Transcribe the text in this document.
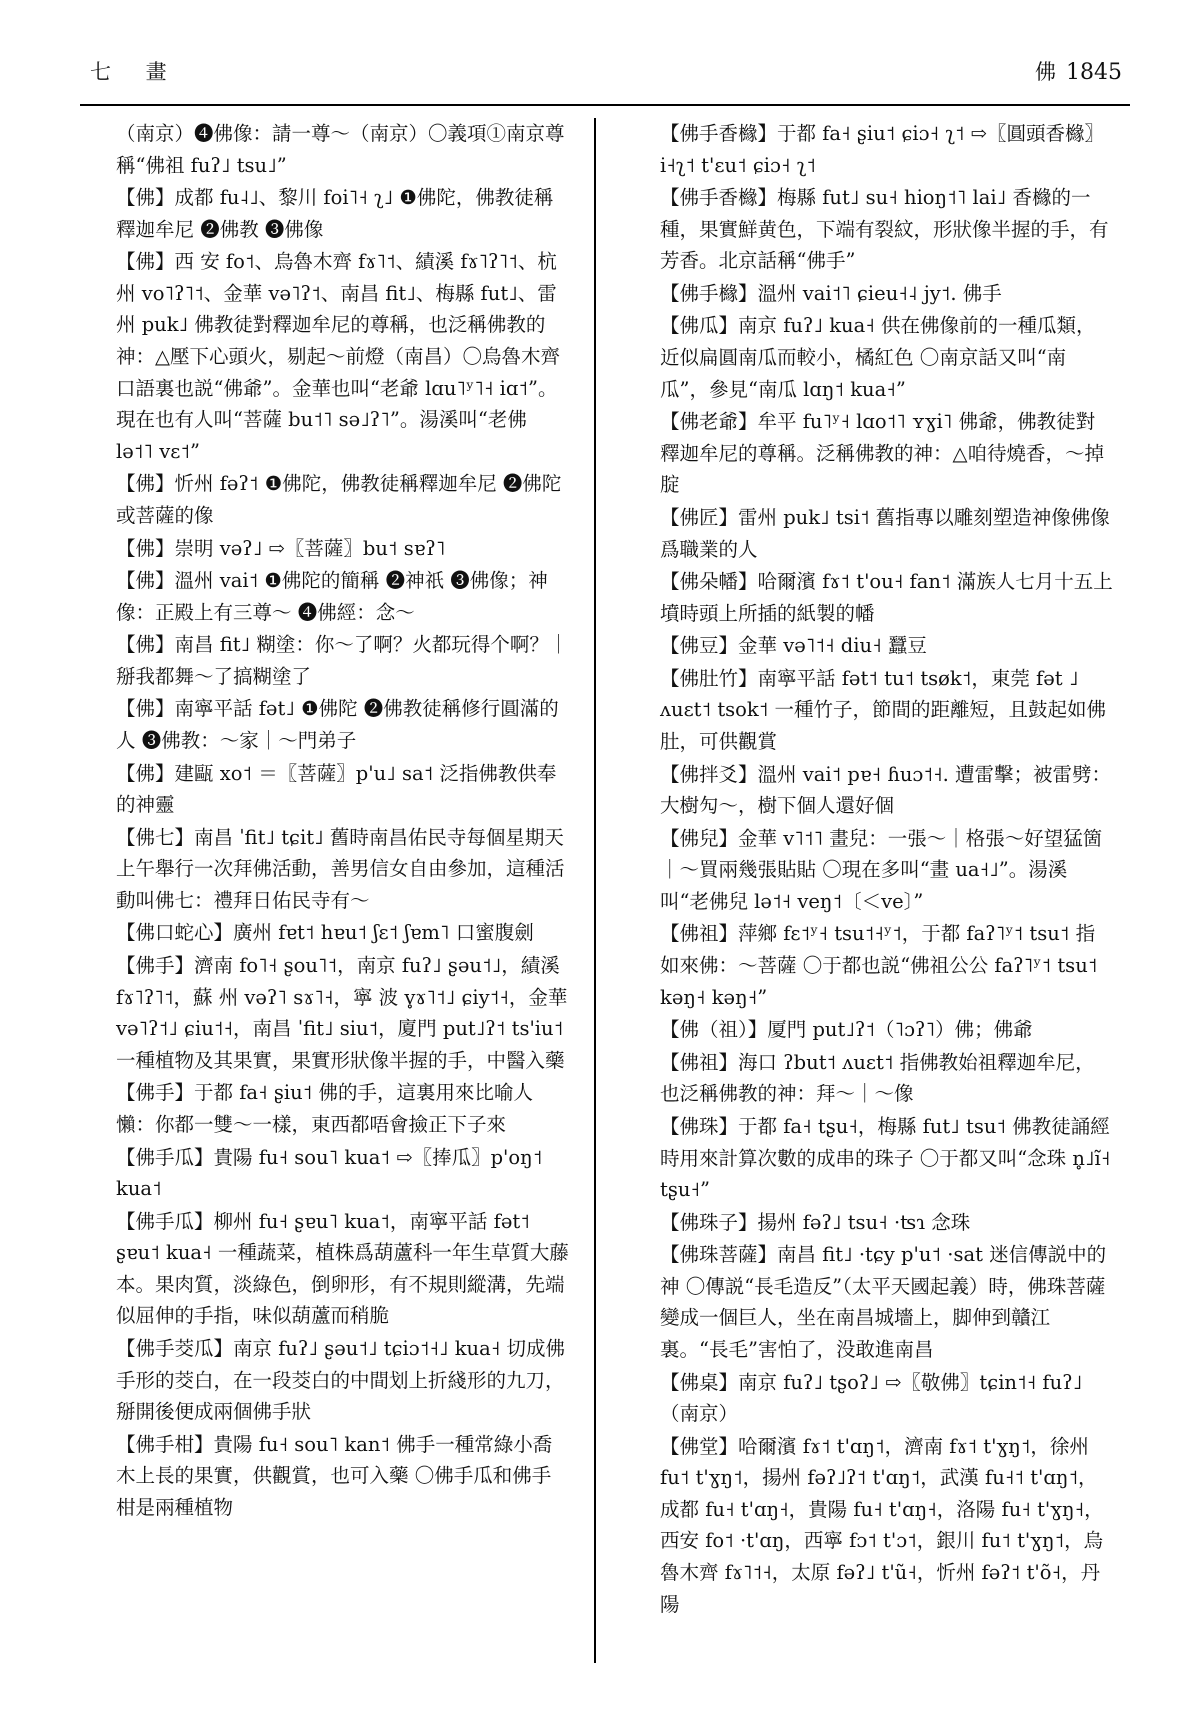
七 畫	佛1845

（南京）❹佛像：請一尊～（南京）〇義項①南京尊稱“佛祖 fuʔ˩ tsu˩”

【佛】成都 fu˨˩、黎川 foi˥˧ ʅ˩ ❶佛陀，佛教徒稱釋迦牟尼 ❷佛教 ❸佛像

【佛】西 安 fo˦、烏魯木齊 fɤ˥˦、績溪 fɤ˥ʔ˥˦、杭州 vo˥ʔ˥˦、金華 və˥ʔ˦、南昌 fit˩、梅縣 fut˩、雷州 puk˩ 佛教徒對釋迦牟尼的尊稱，也泛稱佛教的神：△壓下心頭火，剔起～前燈（南昌）〇烏魯木齊口語裏也説“佛爺”。金華也叫“老爺 lɑu˥ʸ˥˧ iɑ˦”。現在也有人叫“菩薩 bu˦˥ sə˩ʔ˥”。湯溪叫“老佛 lə˦˥ vɛ˦”

【佛】忻州 fəʔ˦ ❶佛陀，佛教徒稱釋迦牟尼 ❷佛陀或菩薩的像

【佛】崇明 vəʔ˩ ⇨〖菩薩〗bu˦ sɐʔ˥

【佛】溫州 vai˦ ❶佛陀的簡稱 ❷神祇 ❸佛像；神像：正殿上有三尊～ ❹佛經：念～

【佛】南昌 fit˩ 糊塗：你～了啊？火都玩得个啊？｜掰我都舞～了搞糊塗了

【佛】南寧平話 fət˩ ❶佛陀 ❷佛教徒稱修行圓滿的人 ❸佛教：～家｜～門弟子

【佛】建甌 xo˦ ＝〖菩薩〗p'u˩ sa˦ 泛指佛教供奉的神靈

【佛七】南昌 ˈfit˩ tɕit˩ 舊時南昌佑民寺每個星期天上午舉行一次拜佛活動，善男信女自由參加，這種活動叫佛七：禮拜日佑民寺有～

【佛口蛇心】廣州 fɐt˦ hɐu˦ ʃɛ˦ ʃɐm˥ 口蜜腹劍

【佛手】濟南 fo˥˧ ʂou˥˦，南京 fuʔ˩ ʂəu˦˩，績溪 fɤ˥ʔ˥˦，蘇 州 vəʔ˥ sɤ˥˧，寧 波 v̥ɤ˥˦˩ ɕiy˦˧，金華 və˥ʔ˦˩ ɕiu˦˧，南昌 ˈfit˩ siu˦，廈門 put˩ʔ˦ ts'iu˦ 一種植物及其果實，果實形狀像半握的手，中醫入藥

【佛手】于都 fa˧ ʂiu˦ 佛的手，這裏用來比喻人懶：你都一雙～一樣，東西都唔會撿正下子來

【佛手瓜】貴陽 fu˧ sou˥ kua˦ ⇨〖捧瓜〗p'oŋ˦ kua˦

【佛手瓜】柳州 fu˧ ʂɐu˥ kua˦，南寧平話 fət˦ ʂɐu˦ kua˧ 一種蔬菜，植株爲葫蘆科一年生草質大藤本。果肉質，淡綠色，倒卵形，有不規則縱溝，先端似屈伸的手指，味似葫蘆而稍脆

【佛手茭瓜】南京 fuʔ˩ ʂəu˦˩ tɕiɔ˦˧˩ kua˧ 切成佛手形的茭白，在一段茭白的中間划上折綫形的九刀，掰開後便成兩個佛手狀

【佛手柑】貴陽 fu˧ sou˥ kan˦ 佛手一種常綠小喬木上長的果實，供觀賞，也可入藥 〇佛手瓜和佛手柑是兩種植物

【佛手香櫞】于都 fa˧ ʂiu˦ ɕiɔ˧ ʅ˦ ⇨〖圓頭香櫞〗i˧ʅ˦ t'ɛu˦ ɕiɔ˧ ʅ˦

【佛手香櫞】梅縣 fut˩ su˧ hioŋ˦˥ lai˩ 香櫞的一種，果實鮮黄色，下端有裂紋，形狀像半握的手，有芳香。北京話稱“佛手”

【佛手櫞】溫州 vai˦˥ ɕieu˧˨ jy˦. 佛手

【佛瓜】南京 fuʔ˩ kua˧ 供在佛像前的一種瓜類，近似扁圓南瓜而較小，橘紅色 〇南京話又叫“南瓜”，參見“南瓜 lɑŋ˦ kua˧”

【佛老爺】牟平 fu˥ʸ˧ lɑo˦˥ ʏɣi˥ 佛爺，佛教徒對釋迦牟尼的尊稱。泛稱佛教的神：△咱待燒香，～掉腚

【佛匠】雷州 puk˩ tsi˦ 舊指專以雕刻塑造神像佛像爲職業的人

【佛朵幡】哈爾濱 fɤ˦ t'ou˧ fan˦ 滿族人七月十五上墳時頭上所插的紙製的幡

【佛豆】金華 və˥˦˧ diu˧ 蠶豆

【佛肚竹】南寧平話 fət˦ tu˦ tsøk˦，東莞 fət ˩ ʌuɛt˦ tsok˦ 一種竹子，節間的距離短，且鼓起如佛肚，可供觀賞

【佛拌爻】溫州 vai˦ pɐ˧ ɦuɔ˦˧. 遭雷擊；被雷劈：大樹勼～，樹下個人還好個

【佛兒】金華 v˥˦˥ 畫兒：一張～｜格張～好望猛箇｜～買兩幾張貼貼 〇現在多叫“畫 ua˧˩”。湯溪叫“老佛兒 lə˦˧ veŋ˦〔＜ve〕”

【佛祖】萍鄉 fɛ˦ʸ˧ tsu˦˧ʸ˦，于都 faʔ˥ʸ˦ tsu˦ 指如來佛：～菩薩 〇于都也説“佛祖公公 faʔ˥ʸ˦ tsu˦ kəŋ˧ kəŋ˧”

【佛（祖）】厦門 put˩ʔ˦（˥ɔʔ˥）佛；佛爺

【佛祖】海口 ʔbut˦ ʌuɛt˦ 指佛教始祖釋迦牟尼，也泛稱佛教的神：拜～｜～像

【佛珠】于都 fa˧ tʂu˧，梅縣 fut˩ tsu˦ 佛教徒誦經時用來計算次數的成串的珠子 〇于都又叫“念珠 n̥˩ĩ˧ tʂu˧”

【佛珠子】揚州 fəʔ˩ tsu˧ ·ʦɿ 念珠

【佛珠菩薩】南昌 fit˩ ·tɕy p'u˦ ·sat 迷信傳説中的神 〇傳説“長毛造反”（太平天國起義）時，佛珠菩薩變成一個巨人，坐在南昌城墻上，脚伸到贛江裏。“長毛”害怕了，没敢進南昌

【佛桌】南京 fuʔ˩ tʂoʔ˩ ⇨〖敬佛〗tɕin˦˧ fuʔ˩（南京）

【佛堂】哈爾濱 fɤ˦ t'ɑŋ˦，濟南 fɤ˦ t'ɣŋ˦，徐州 fu˦ t'ɣŋ˦，揚州 fəʔ˩ʔ˦ t'ɑŋ˦，武漢 fu˧˦ t'ɑŋ˦，成都 fu˧ t'ɑŋ˧，貴陽 fu˧ t'ɑŋ˧，洛陽 fu˧ t'ɣŋ˧，西安 fo˦ ·t'ɑŋ，西寧 fɔ˦ t'ɔ˦，銀川 fu˦ t'ɣŋ˦，烏魯木齊 fɤ˥˦˧，太原 fəʔ˩ t'ũ˧，忻州 fəʔ˦ t'õ˧，丹陽
